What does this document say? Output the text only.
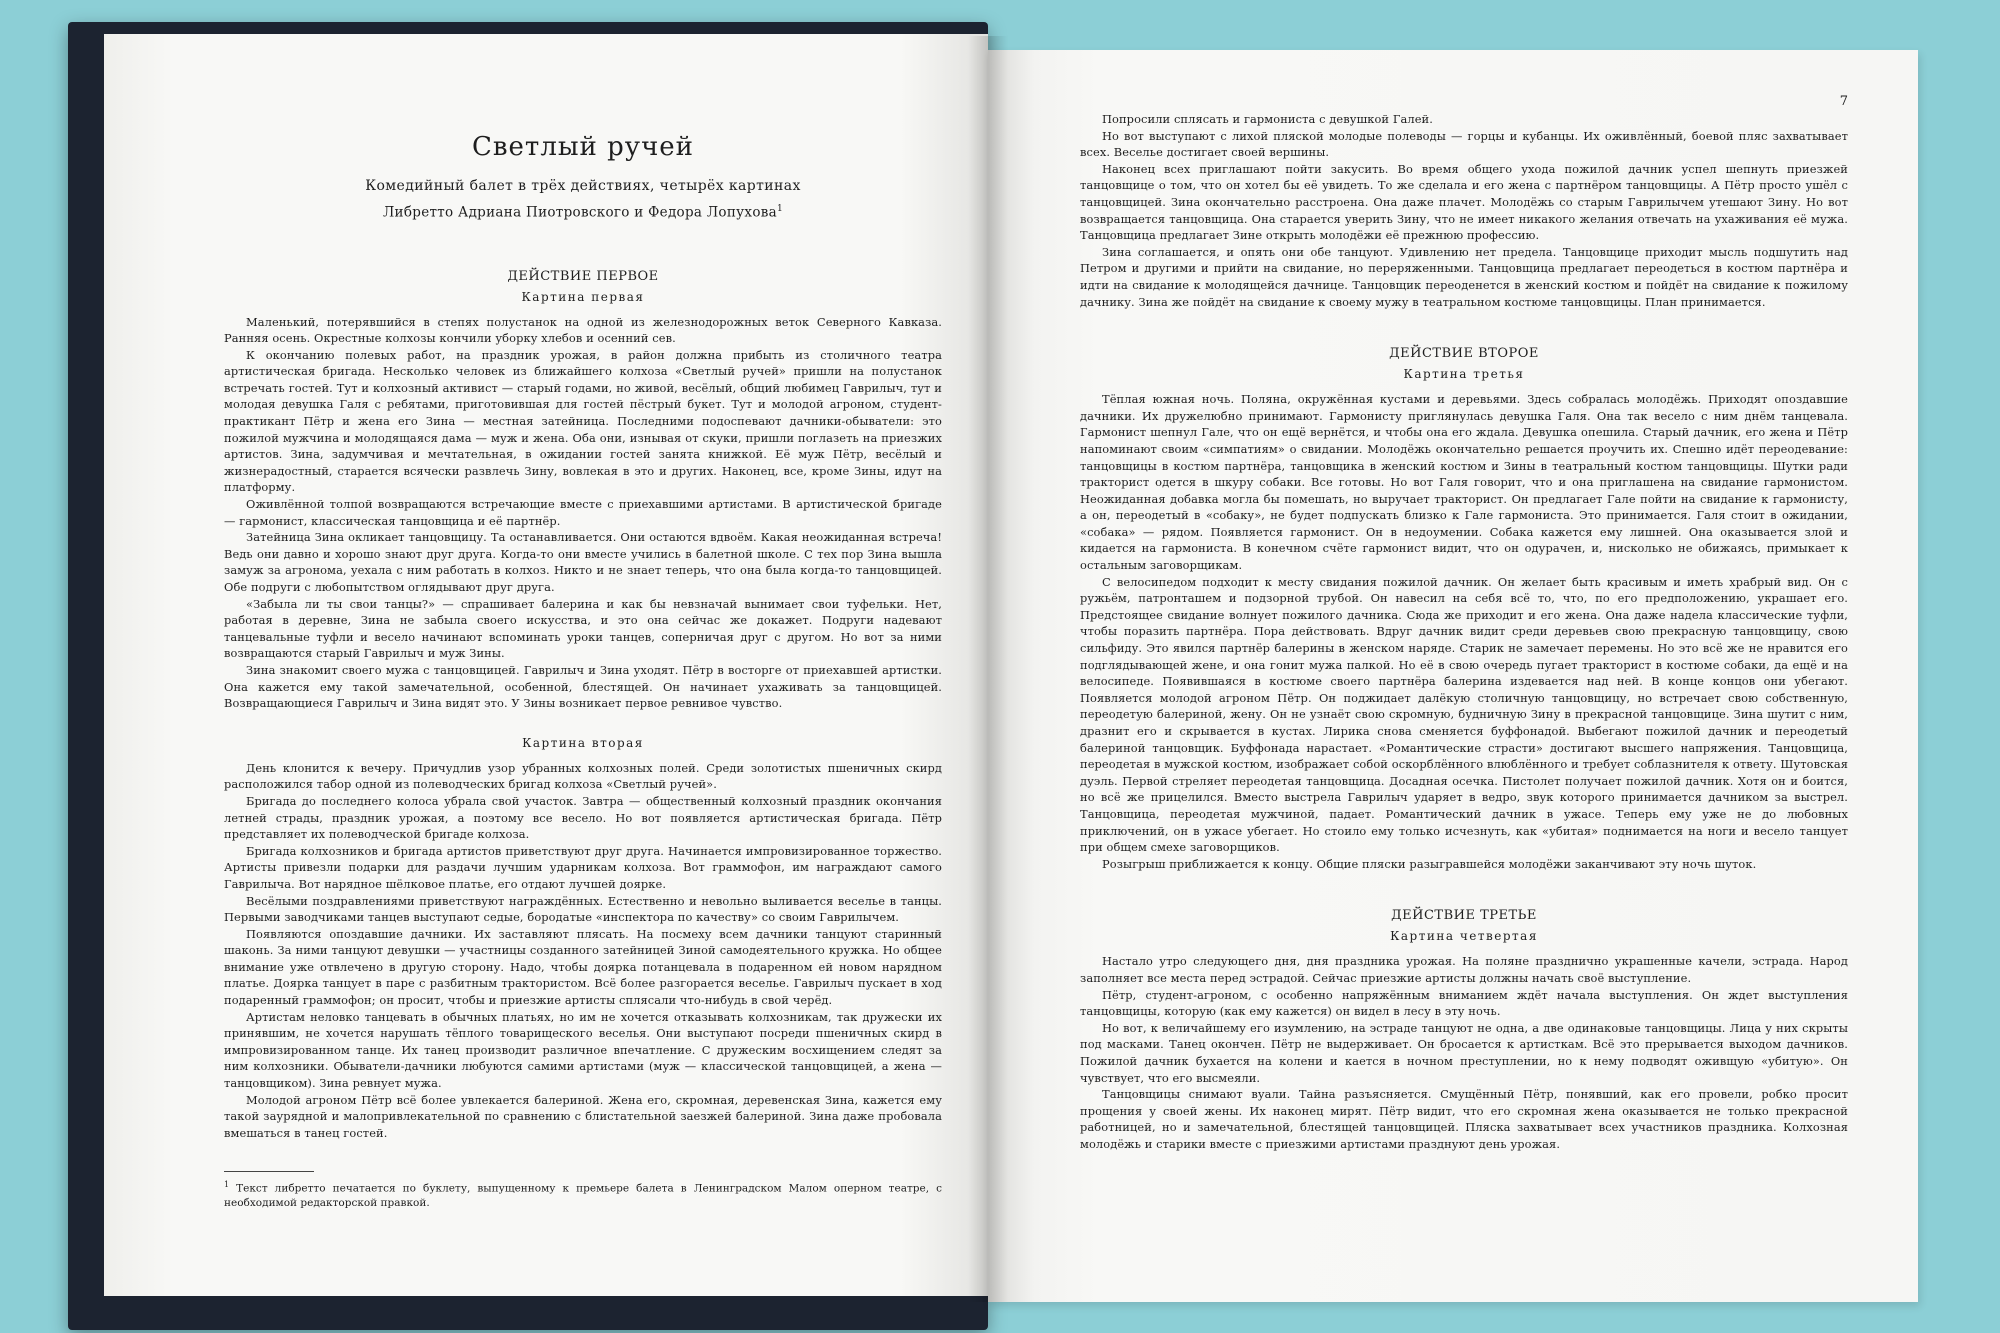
Светлый ручей
Комедийный балет в трёх действиях, четырёх картинах
Либретто Адриана Пиотровского и Федора Лопухова$^1$
ДЕЙСТВИЕ ПЕРВОЕ
Картина первая

Маленький, потерявшийся в степях полустанок на одной из железнодорожных веток Северного Кавказа. Ранняя осень. Окрестные колхозы кончили уборку хлебов и осенний сев.

К окончанию полевых работ, на праздник урожая, в район должна прибыть из столичного театра артистическая бригада. Несколько человек из ближайшего колхоза «Светлый ручей» пришли на полустанок встречать гостей. Тут и колхозный активист — старый годами, но живой, весёлый, общий любимец Гаврилыч, тут и молодая девушка Галя с ребятами, приготовившая для гостей пёстрый букет. Тут и молодой агроном, студент-практикант Пётр и жена его Зина — местная затейница. Последними подоспевают дачники-обыватели: это пожилой мужчина и молодящаяся дама — муж и жена. Оба они, изнывая от скуки, пришли поглазеть на приезжих артистов. Зина, задумчивая и мечтательная, в ожидании гостей занята книжкой. Её муж Пётр, весёлый и жизнерадостный, старается всячески развлечь Зину, вовлекая в это и других. Наконец, все, кроме Зины, идут на платформу.

Оживлённой толпой возвращаются встречающие вместе с приехавшими артистами. В артистической бригаде — гармонист, классическая танцовщица и её партнёр.

Затейница Зина окликает танцовщицу. Та останавливается. Они остаются вдвоём. Какая неожиданная встреча! Ведь они давно и хорошо знают друг друга. Когда-то они вместе учились в балетной школе. С тех пор Зина вышла замуж за агронома, уехала с ним работать в колхоз. Никто и не знает теперь, что она была когда-то танцовщицей. Обе подруги с любопытством оглядывают друг друга.

«Забыла ли ты свои танцы?» — спрашивает балерина и как бы невзначай вынимает свои туфельки. Нет, работая в деревне, Зина не забыла своего искусства, и это она сейчас же докажет. Подруги надевают танцевальные туфли и весело начинают вспоминать уроки танцев, соперничая друг с другом. Но вот за ними возвращаются старый Гаврилыч и муж Зины.

Зина знакомит своего мужа с танцовщицей. Гаврилыч и Зина уходят. Пётр в восторге от приехавшей артистки. Она кажется ему такой замечательной, особенной, блестящей. Он начинает ухаживать за танцовщицей. Возвращающиеся Гаврилыч и Зина видят это. У Зины возникает первое ревнивое чувство.

Картина вторая

День клонится к вечеру. Причудлив узор убранных колхозных полей. Среди золотистых пшеничных скирд расположился табор одной из полеводческих бригад колхоза «Светлый ручей».

Бригада до последнего колоса убрала свой участок. Завтра — общественный колхозный праздник окончания летней страды, праздник урожая, а поэтому все весело. Но вот появляется артистическая бригада. Пётр представляет их полеводческой бригаде колхоза.

Бригада колхозников и бригада артистов приветствуют друг друга. Начинается импровизированное торжество. Артисты привезли подарки для раздачи лучшим ударникам колхоза. Вот граммофон, им награждают самого Гаврилыча. Вот нарядное шёлковое платье, его отдают лучшей доярке.

Весёлыми поздравлениями приветствуют награждённых. Естественно и невольно выливается веселье в танцы. Первыми заводчиками танцев выступают седые, бородатые «инспектора по качеству» со своим Гаврилычем.

Появляются опоздавшие дачники. Их заставляют плясать. На посмеху всем дачники танцуют старинный шаконь. За ними танцуют девушки — участницы созданного затейницей Зиной самодеятельного кружка. Но общее внимание уже отвлечено в другую сторону. Надо, чтобы доярка потанцевала в подаренном ей новом нарядном платье. Доярка танцует в паре с разбитным трактористом. Всё более разгорается веселье. Гаврилыч пускает в ход подаренный граммофон; он просит, чтобы и приезжие артисты сплясали что-нибудь в свой черёд.

Артистам неловко танцевать в обычных платьях, но им не хочется отказывать колхозникам, так дружески их принявшим, не хочется нарушать тёплого товарищеского веселья. Они выступают посреди пшеничных скирд в импровизированном танце. Их танец производит различное впечатление. С дружеским восхищением следят за ним колхозники. Обыватели-дачники любуются самими артистами (муж — классической танцовщицей, а жена — танцовщиком). Зина ревнует мужа.

Молодой агроном Пётр всё более увлекается балериной. Жена его, скромная, деревенская Зина, кажется ему такой заурядной и малопривлекательной по сравнению с блистательной заезжей балериной. Зина даже пробовала вмешаться в танец гостей.

$^1$ Текст либретто печатается по буклету, выпущенному к премьере балета в Ленинградском Малом оперном театре, с необходимой редакторской правкой.
7

Попросили сплясать и гармониста с девушкой Галей.

Но вот выступают с лихой пляской молодые полеводы — горцы и кубанцы. Их оживлённый, боевой пляс захватывает всех. Веселье достигает своей вершины.

Наконец всех приглашают пойти закусить. Во время общего ухода пожилой дачник успел шепнуть приезжей танцовщице о том, что он хотел бы её увидеть. То же сделала и его жена с партнёром танцовщицы. А Пётр просто ушёл с танцовщицей. Зина окончательно расстроена. Она даже плачет. Молодёжь со старым Гаврилычем утешают Зину. Но вот возвращается танцовщица. Она старается уверить Зину, что не имеет никакого желания отвечать на ухаживания её мужа. Танцовщица предлагает Зине открыть молодёжи её прежнюю профессию.

Зина соглашается, и опять они обе танцуют. Удивлению нет предела. Танцовщице приходит мысль подшутить над Петром и другими и прийти на свидание, но переряженными. Танцовщица предлагает переодеться в костюм партнёра и идти на свидание к молодящейся дачнице. Танцовщик переоденется в женский костюм и пойдёт на свидание к пожилому дачнику. Зина же пойдёт на свидание к своему мужу в театральном костюме танцовщицы. План принимается.

ДЕЙСТВИЕ ВТОРОЕ
Картина третья

Тёплая южная ночь. Поляна, окружённая кустами и деревьями. Здесь собралась молодёжь. Приходят опоздавшие дачники. Их дружелюбно принимают. Гармонисту приглянулась девушка Галя. Она так весело с ним днём танцевала. Гармонист шепнул Гале, что он ещё вернётся, и чтобы она его ждала. Девушка опешила. Старый дачник, его жена и Пётр напоминают своим «симпатиям» о свидании. Молодёжь окончательно решается проучить их. Спешно идёт переодевание: танцовщицы в костюм партнёра, танцовщика в женский костюм и Зины в театральный костюм танцовщицы. Шутки ради тракторист одется в шкуру собаки. Все готовы. Но вот Галя говорит, что и она приглашена на свидание гармонистом. Неожиданная добавка могла бы помешать, но выручает тракторист. Он предлагает Гале пойти на свидание к гармонисту, а он, переодетый в «собаку», не будет подпускать близко к Гале гармониста. Это принимается. Галя стоит в ожидании, «собака» — рядом. Появляется гармонист. Он в недоумении. Собака кажется ему лишней. Она оказывается злой и кидается на гармониста. В конечном счёте гармонист видит, что он одурачен, и, нисколько не обижаясь, примыкает к остальным заговорщикам.

С велосипедом подходит к месту свидания пожилой дачник. Он желает быть красивым и иметь храбрый вид. Он с ружьём, патронташем и подзорной трубой. Он навесил на себя всё то, что, по его предположению, украшает его. Предстоящее свидание волнует пожилого дачника. Сюда же приходит и его жена. Она даже надела классические туфли, чтобы поразить партнёра. Пора действовать. Вдруг дачник видит среди деревьев свою прекрасную танцовщицу, свою сильфиду. Это явился партнёр балерины в женском наряде. Старик не замечает перемены. Но это всё же не нравится его подглядывающей жене, и она гонит мужа палкой. Но её в свою очередь пугает тракторист в костюме собаки, да ещё и на велосипеде. Появившаяся в костюме своего партнёра балерина издевается над ней. В конце концов они убегают. Появляется молодой агроном Пётр. Он поджидает далёкую столичную танцовщицу, но встречает свою собственную, переодетую балериной, жену. Он не узнаёт свою скромную, будничную Зину в прекрасной танцовщице. Зина шутит с ним, дразнит его и скрывается в кустах. Лирика снова сменяется буффонадой. Выбегают пожилой дачник и переодетый балериной танцовщик. Буффонада нарастает. «Романтические страсти» достигают высшего напряжения. Танцовщица, переодетая в мужской костюм, изображает собой оскорблённого влюблённого и требует соблазнителя к ответу. Шутовская дуэль. Первой стреляет переодетая танцовщица. Досадная осечка. Пистолет получает пожилой дачник. Хотя он и боится, но всё же прицелился. Вместо выстрела Гаврилыч ударяет в ведро, звук которого принимается дачником за выстрел. Танцовщица, переодетая мужчиной, падает. Романтический дачник в ужасе. Теперь ему уже не до любовных приключений, он в ужасе убегает. Но стоило ему только исчезнуть, как «убитая» поднимается на ноги и весело танцует при общем смехе заговорщиков.

Розыгрыш приближается к концу. Общие пляски разыгравшейся молодёжи заканчивают эту ночь шуток.

ДЕЙСТВИЕ ТРЕТЬЕ
Картина четвертая

Настало утро следующего дня, дня праздника урожая. На поляне празднично украшенные качели, эстрада. Народ заполняет все места перед эстрадой. Сейчас приезжие артисты должны начать своё выступление.

Пётр, студент-агроном, с особенно напряжённым вниманием ждёт начала выступления. Он ждет выступления танцовщицы, которую (как ему кажется) он видел в лесу в эту ночь.

Но вот, к величайшему его изумлению, на эстраде танцуют не одна, а две одинаковые танцовщицы. Лица у них скрыты под масками. Танец окончен. Пётр не выдерживает. Он бросается к артисткам. Всё это прерывается выходом дачников. Пожилой дачник бухается на колени и кается в ночном преступлении, но к нему подводят оживщую «убитую». Он чувствует, что его высмеяли.

Танцовщицы снимают вуали. Тайна разъясняется. Смущённый Пётр, понявший, как его провели, робко просит прощения у своей жены. Их наконец мирят. Пётр видит, что его скромная жена оказывается не только прекрасной работницей, но и замечательной, блестящей танцовщицей. Пляска захватывает всех участников праздника. Колхозная молодёжь и старики вместе с приезжими артистами празднуют день урожая.
